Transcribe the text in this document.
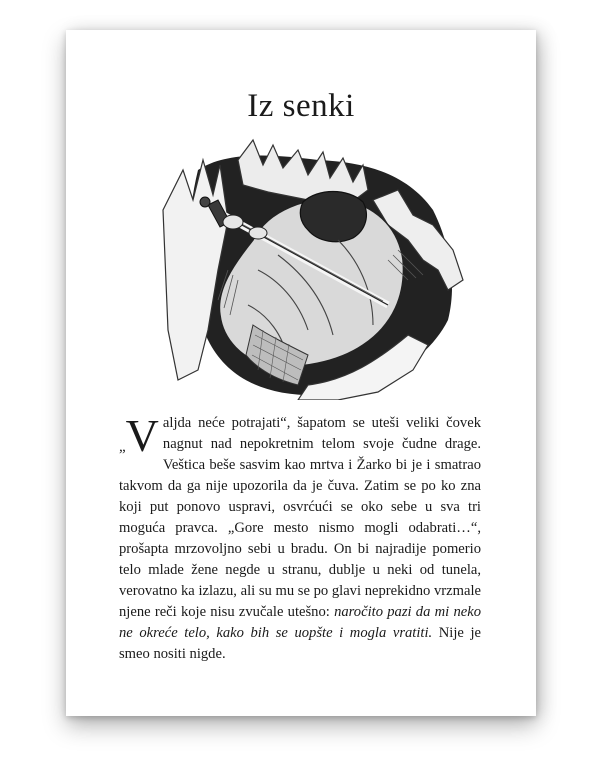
Iz senki

„V aljda neće potrajati“, šapatom se uteši veliki čovek nagnut nad nepokretnim telom svoje čudne drage. Veštica beše sasvim kao mrtva i Žarko bi je i smatrao takvom da ga nije upozorila da je čuva. Zatim se po ko zna koji put ponovo uspravi, osvrćući se oko sebe u sva tri moguća pravca. „Gore mesto nismo mogli odabrati…“, prošapta mrzovoljno sebi u bradu. On bi najradije pomerio telo mlade žene negde u stranu, dublje u neki od tunela, verovatno ka izlazu, ali su mu se po glavi neprekidno vrzmale njene reči koje nisu zvučale utešno: naročito pazi da mi neko ne okreće telo, kako bih se uopšte i mogla vratiti. Nije je smeo nositi nigde.
